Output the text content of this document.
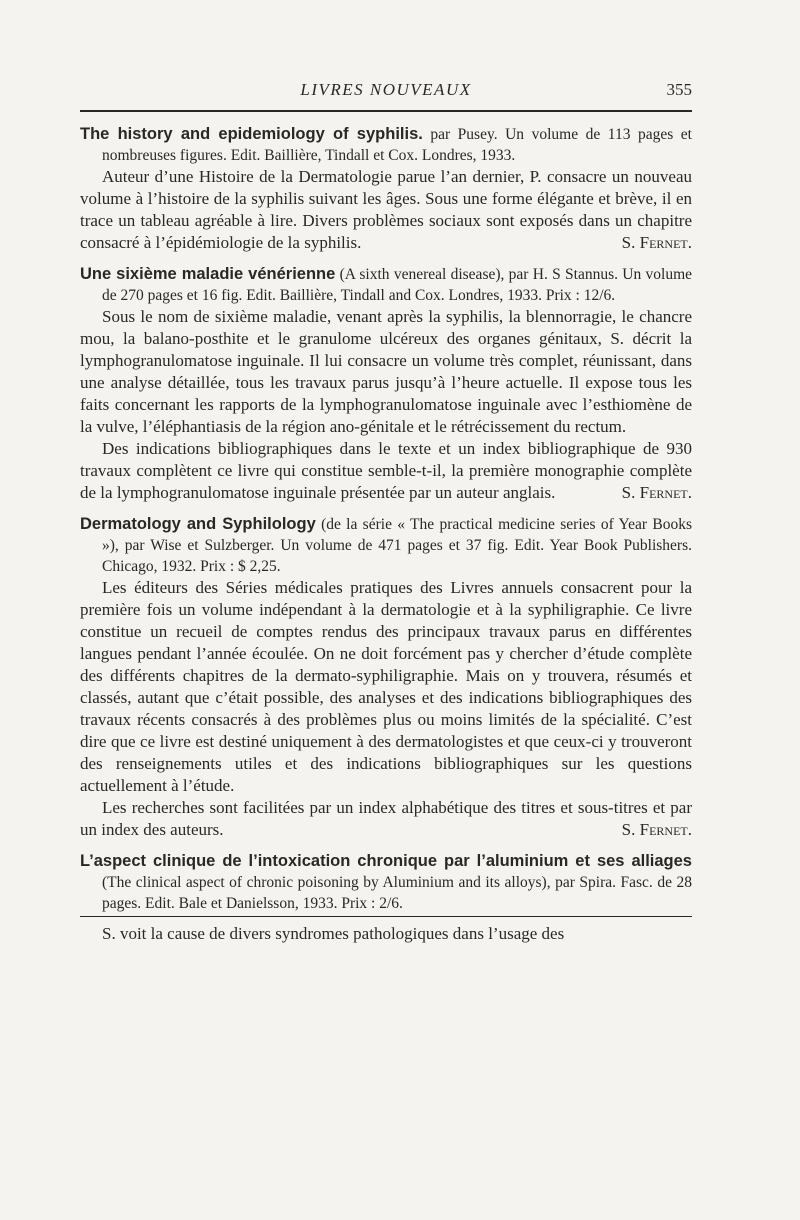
LIVRES NOUVEAUX	355

The history and epidemiology of syphilis. par Pusey. Un volume de 113 pages et nombreuses figures. Edit. Baillière, Tindall et Cox. Londres, 1933.

Auteur d’une Histoire de la Dermatologie parue l’an dernier, P. consacre un nouveau volume à l’histoire de la syphilis suivant les âges. Sous une forme élégante et brève, il en trace un tableau agréable à lire. Divers problèmes sociaux sont exposés dans un chapitre consacré à l’épidémiologie de la syphilis.	S. Fernet.

Une sixième maladie vénérienne (A sixth venereal disease), par H. S Stannus. Un volume de 270 pages et 16 fig. Edit. Baillière, Tindall and Cox. Londres, 1933. Prix : 12/6.

Sous le nom de sixième maladie, venant après la syphilis, la blennorragie, le chancre mou, la balano-posthite et le granulome ulcéreux des organes génitaux, S. décrit la lymphogranulomatose inguinale. Il lui consacre un volume très complet, réunissant, dans une analyse détaillée, tous les travaux parus jusqu’à l’heure actuelle. Il expose tous les faits concernant les rapports de la lymphogranulomatose inguinale avec l’esthiomène de la vulve, l’éléphantiasis de la région ano-génitale et le rétrécissement du rectum.

Des indications bibliographiques dans le texte et un index bibliographique de 930 travaux complètent ce livre qui constitue semble-t-il, la première monographie complète de la lymphogranulomatose inguinale présentée par un auteur anglais.	S. Fernet.

Dermatology and Syphilology (de la série « The practical medicine series of Year Books »), par Wise et Sulzberger. Un volume de 471 pages et 37 fig. Edit. Year Book Publishers. Chicago, 1932. Prix : $ 2,25.

Les éditeurs des Séries médicales pratiques des Livres annuels consacrent pour la première fois un volume indépendant à la dermatologie et à la syphiligraphie. Ce livre constitue un recueil de comptes rendus des principaux travaux parus en différentes langues pendant l’année écoulée. On ne doit forcément pas y chercher d’étude complète des différents chapitres de la dermato-syphiligraphie. Mais on y trouvera, résumés et classés, autant que c’était possible, des analyses et des indications bibliographiques des travaux récents consacrés à des problèmes plus ou moins limités de la spécialité. C’est dire que ce livre est destiné uniquement à des dermatologistes et que ceux-ci y trouveront des renseignements utiles et des indications bibliographiques sur les questions actuellement à l’étude.

Les recherches sont facilitées par un index alphabétique des titres et sous-titres et par un index des auteurs.	S. Fernet.

L’aspect clinique de l’intoxication chronique par l’aluminium et ses alliages (The clinical aspect of chronic poisoning by Aluminium and its alloys), par Spira. Fasc. de 28 pages. Edit. Bale et Danielsson, 1933. Prix : 2/6.

S. voit la cause de divers syndromes pathologiques dans l’usage des
